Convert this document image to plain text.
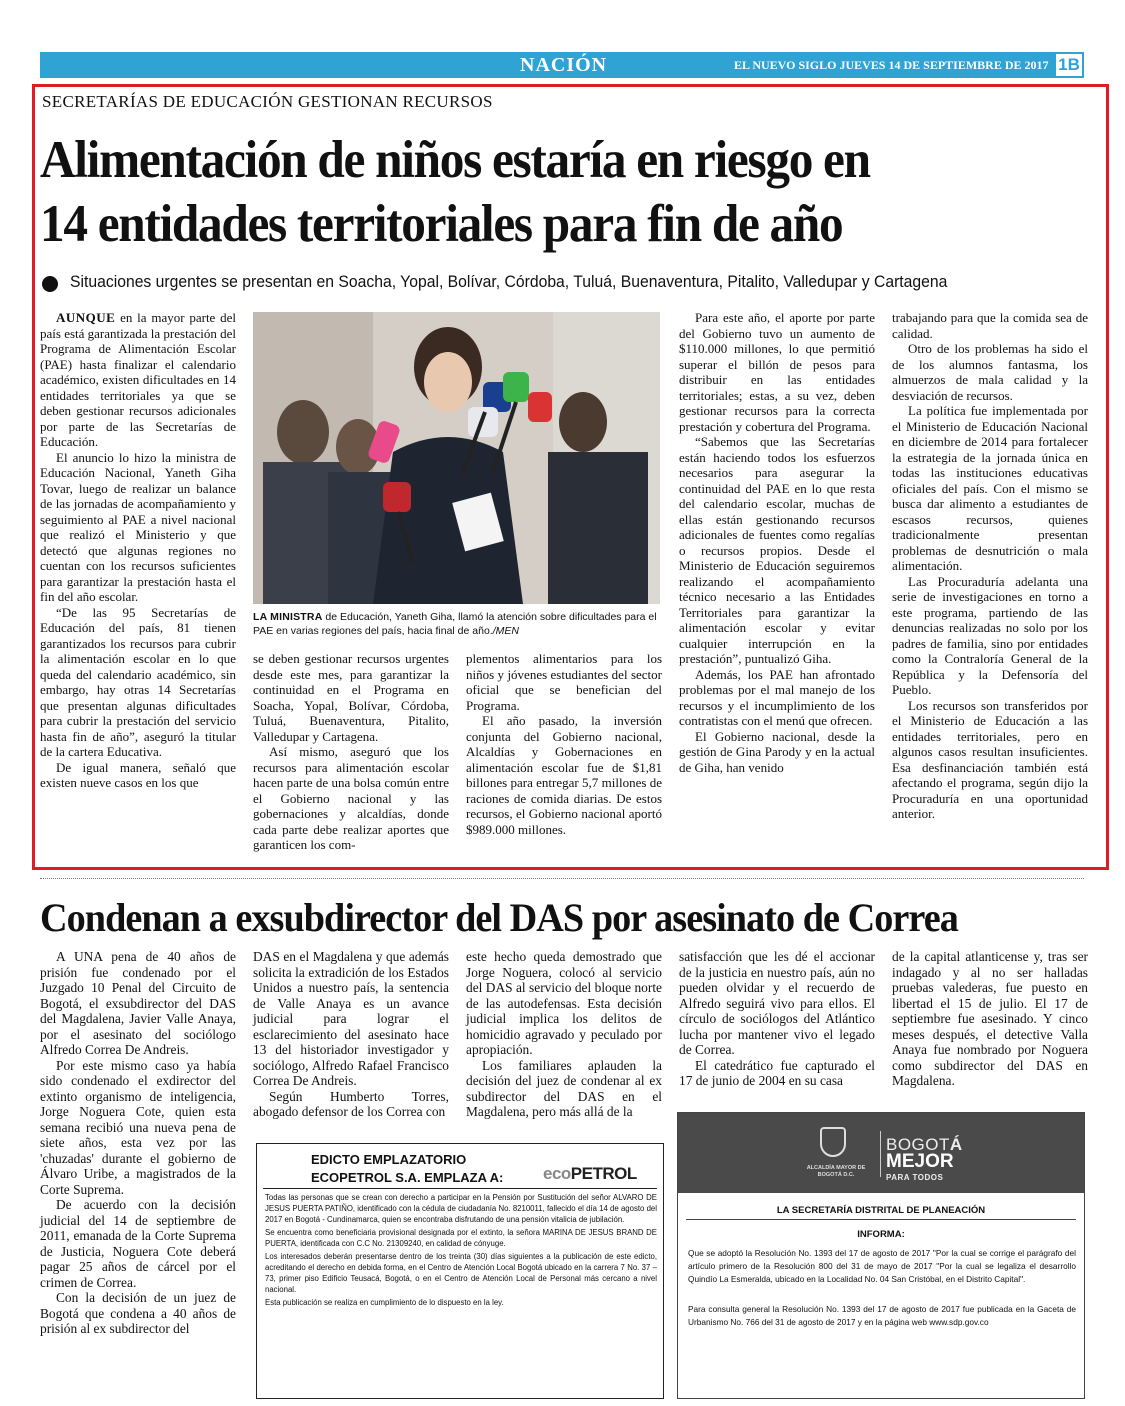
NACIÓN	EL NUEVO SIGLO JUEVES 14 DE SEPTIEMBRE DE 2017 1B
SECRETARÍAS DE EDUCACIÓN GESTIONAN RECURSOS
Alimentación de niños estaría en riesgo en
14 entidades territoriales para fin de año
Situaciones urgentes se presentan en Soacha, Yopal, Bolívar, Córdoba, Tuluá, Buenaventura, Pitalito, Valledupar y Cartagena

AUNQUE en la mayor parte del país está garantizada la prestación del Programa de Alimentación Escolar (PAE) hasta finalizar el calendario académico, existen dificultades en 14 entidades territoriales ya que se deben gestionar recursos adicionales por parte de las Secretarías de Educación.

El anuncio lo hizo la ministra de Educación Nacional, Yaneth Giha Tovar, luego de realizar un balance de las jornadas de acompañamiento y seguimiento al PAE a nivel nacional que realizó el Ministerio y que detectó que algunas regiones no cuentan con los recursos suficientes para garantizar la prestación hasta el fin del año escolar.

“De las 95 Secretarías de Educación del país, 81 tienen garantizados los recursos para cubrir la alimentación escolar en lo que queda del calendario académico, sin embargo, hay otras 14 Secretarías que presentan algunas dificultades para cubrir la prestación del servicio hasta fin de año”, aseguró la titular de la cartera Educativa.

De igual manera, señaló que existen nueve casos en los que

LA MINISTRA de Educación, Yaneth Giha, llamó la atención sobre dificultades para el PAE en varias regiones del país, hacia final de año./MEN

se deben gestionar recursos urgentes desde este mes, para garantizar la continuidad en el Programa en Soacha, Yopal, Bolívar, Córdoba, Tuluá, Buenaventura, Pitalito, Valledupar y Cartagena.

Así mismo, aseguró que los recursos para alimentación escolar hacen parte de una bolsa común entre el Gobierno nacional y las gobernaciones y alcaldías, donde cada parte debe realizar aportes que garanticen los com-

plementos alimentarios para los niños y jóvenes estudiantes del sector oficial que se benefician del Programa.

El año pasado, la inversión conjunta del Gobierno nacional, Alcaldías y Gobernaciones en alimentación escolar fue de $1,81 billones para entregar 5,7 millones de raciones de comida diarias. De estos recursos, el Gobierno nacional aportó $989.000 millones.

Para este año, el aporte por parte del Gobierno tuvo un aumento de $110.000 millones, lo que permitió superar el billón de pesos para distribuir en las entidades territoriales; estas, a su vez, deben gestionar recursos para la correcta prestación y cobertura del Programa.

“Sabemos que las Secretarías están haciendo todos los esfuerzos necesarios para asegurar la continuidad del PAE en lo que resta del calendario escolar, muchas de ellas están gestionando recursos adicionales de fuentes como regalías o recursos propios. Desde el Ministerio de Educación seguiremos realizando el acompañamiento técnico necesario a las Entidades Territoriales para garantizar la alimentación escolar y evitar cualquier interrupción en la prestación”, puntualizó Giha.

Además, los PAE han afrontado problemas por el mal manejo de los recursos y el incumplimiento de los contratistas con el menú que ofrecen.

El Gobierno nacional, desde la gestión de Gina Parody y en la actual de Giha, han venido

trabajando para que la comida sea de calidad.

Otro de los problemas ha sido el de los alumnos fantasma, los almuerzos de mala calidad y la desviación de recursos.

La política fue implementada por el Ministerio de Educación Nacional en diciembre de 2014 para fortalecer la estrategia de la jornada única en todas las instituciones educativas oficiales del país. Con el mismo se busca dar alimento a estudiantes de escasos recursos, quienes tradicionalmente presentan problemas de desnutrición o mala alimentación.

Las Procuraduría adelanta una serie de investigaciones en torno a este programa, partiendo de las denuncias realizadas no solo por los padres de familia, sino por entidades como la Contraloría General de la República y la Defensoría del Pueblo.

Los recursos son transferidos por el Ministerio de Educación a las entidades territoriales, pero en algunos casos resultan insuficientes. Esa desfinanciación también está afectando el programa, según dijo la Procuraduría en una oportunidad anterior.

Condenan a exsubdirector del DAS por asesinato de Correa

A UNA pena de 40 años de prisión fue condenado por el Juzgado 10 Penal del Circuito de Bogotá, el exsubdirector del DAS del Magdalena, Javier Valle Anaya, por el asesinato del sociólogo Alfredo Correa De Andreis.

Por este mismo caso ya había sido condenado el exdirector del extinto organismo de inteligencia, Jorge Noguera Cote, quien esta semana recibió una nueva pena de siete años, esta vez por las 'chuzadas' durante el gobierno de Álvaro Uribe, a magistrados de la Corte Suprema.

De acuerdo con la decisión judicial del 14 de septiembre de 2011, emanada de la Corte Suprema de Justicia, Noguera Cote deberá pagar 25 años de cárcel por el crimen de Correa.

Con la decisión de un juez de Bogotá que condena a 40 años de prisión al ex subdirector del

DAS en el Magdalena y que además solicita la extradición de los Estados Unidos a nuestro país, la sentencia de Valle Anaya es un avance judicial para lograr el esclarecimiento del asesinato hace 13 del historiador investigador y sociólogo, Alfredo Rafael Francisco Correa De Andreis.

Según Humberto Torres, abogado defensor de los Correa con

este hecho queda demostrado que Jorge Noguera, colocó al servicio del DAS al servicio del bloque norte de las autodefensas. Esta decisión judicial implica los delitos de homicidio agravado y peculado por apropiación.

Los familiares aplauden la decisión del juez de condenar al ex subdirector del DAS en el Magdalena, pero más allá de la

satisfacción que les dé el accionar de la justicia en nuestro país, aún no pueden olvidar y el recuerdo de Alfredo seguirá vivo para ellos. El círculo de sociólogos del Atlántico lucha por mantener vivo el legado de Correa.

El catedrático fue capturado el 17 de junio de 2004 en su casa

de la capital atlanticense y, tras ser indagado y al no ser halladas pruebas valederas, fue puesto en libertad el 15 de julio. El 17 de septiembre fue asesinado. Y cinco meses después, el detective Valla Anaya fue nombrado por Noguera como subdirector del DAS en Magdalena.

EDICTO EMPLAZATORIO
ECOPETROL S.A. EMPLAZA A: ecoPETROL

Todas las personas que se crean con derecho a participar en la Pensión por Sustitución del señor ALVARO DE JESUS PUERTA PATIÑO, identificado con la cédula de ciudadanía No. 8210011, fallecido el día 14 de agosto del 2017 en Bogotá - Cundinamarca, quien se encontraba disfrutando de una pensión vitalicia de jubilación.

Se encuentra como beneficiaria provisional designada por el extinto, la señora MARINA DE JESUS BRAND DE PUERTA, identificada con C.C No. 21309240, en calidad de cónyuge.

Los interesados deberán presentarse dentro de los treinta (30) días siguientes a la publicación de este edicto, acreditando el derecho en debida forma, en el Centro de Atención Local Bogotá ubicado en la carrera 7 No. 37 – 73, primer piso Edificio Teusacá, Bogotá, o en el Centro de Atención Local de Personal más cercano a nivel nacional.

Esta publicación se realiza en cumplimiento de lo dispuesto en la ley.

ALCALDÍA MAYOR DE BOGOTÁ D.C.
BOGOTÁ
MEJOR
PARA TODOS
LA SECRETARÍA DISTRITAL DE PLANEACIÓN
INFORMA:
Que se adoptó la Resolución No. 1393 del 17 de agosto de 2017 "Por la cual se corrige el parágrafo del artículo primero de la Resolución 800 del 31 de mayo de 2017 "Por la cual se legaliza el desarrollo Quindío La Esmeralda, ubicado en la Localidad No. 04 San Cristóbal, en el Distrito Capital".
Para consulta general la Resolución No. 1393 del 17 de agosto de 2017 fue publicada en la Gaceta de Urbanismo No. 766 del 31 de agosto de 2017 y en la página web www.sdp.gov.co
